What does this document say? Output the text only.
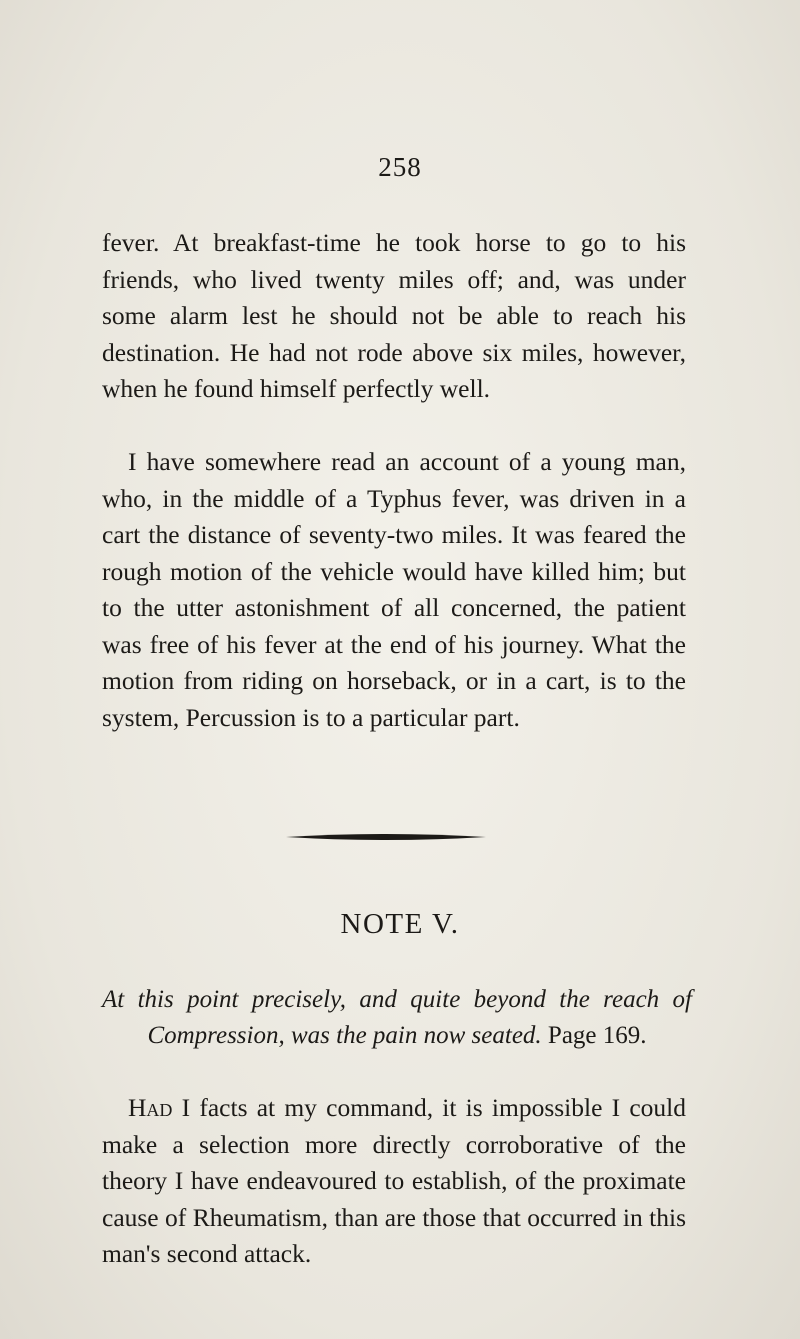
258

fever. At breakfast-time he took horse to go to his friends, who lived twenty miles off; and, was under some alarm lest he should not be able to reach his destination. He had not rode above six miles, however, when he found himself perfectly well.

I have somewhere read an account of a young man, who, in the middle of a Typhus fever, was driven in a cart the distance of seventy-two miles. It was feared the rough motion of the vehicle would have killed him; but to the utter astonishment of all concerned, the patient was free of his fever at the end of his journey. What the motion from riding on horseback, or in a cart, is to the system, Percussion is to a particular part.

NOTE V.

At this point precisely, and quite beyond the reach of Compression, was the pain now seated. Page 169.

Had I facts at my command, it is impossible I could make a selection more directly corroborative of the theory I have endeavoured to establish, of the proximate cause of Rheumatism, than are those that occurred in this man's second attack.
